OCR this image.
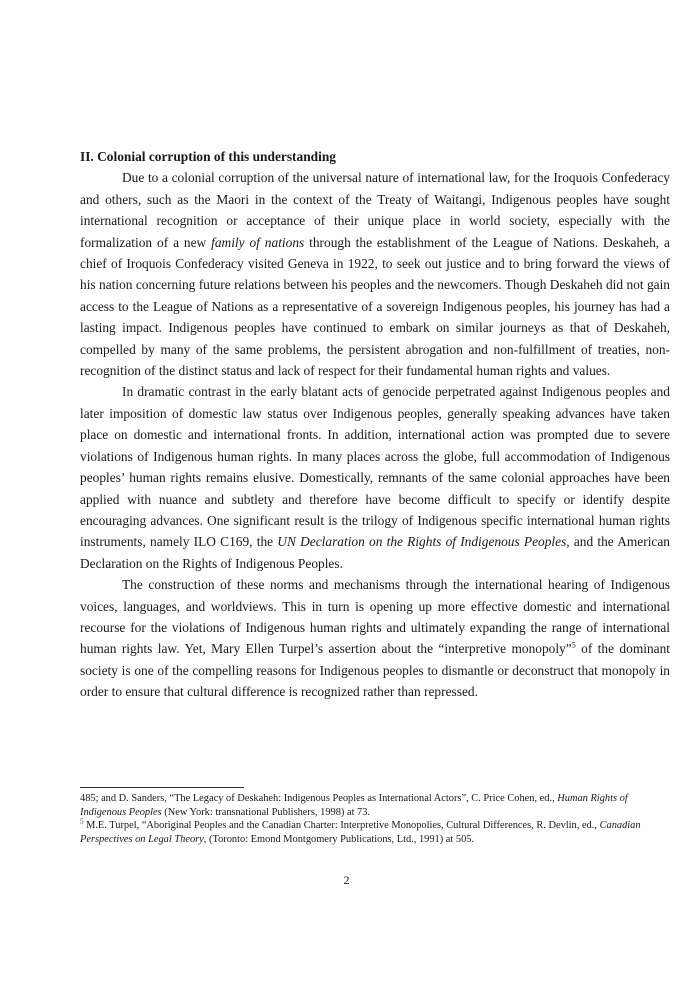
II. Colonial corruption of this understanding

Due to a colonial corruption of the universal nature of international law, for the Iroquois Confederacy and others, such as the Maori in the context of the Treaty of Waitangi, Indigenous peoples have sought international recognition or acceptance of their unique place in world society, especially with the formalization of a new family of nations through the establishment of the League of Nations. Deskaheh, a chief of Iroquois Confederacy visited Geneva in 1922, to seek out justice and to bring forward the views of his nation concerning future relations between his peoples and the newcomers. Though Deskaheh did not gain access to the League of Nations as a representative of a sovereign Indigenous peoples, his journey has had a lasting impact. Indigenous peoples have continued to embark on similar journeys as that of Deskaheh, compelled by many of the same problems, the persistent abrogation and non-fulfillment of treaties, non-recognition of the distinct status and lack of respect for their fundamental human rights and values.

In dramatic contrast in the early blatant acts of genocide perpetrated against Indigenous peoples and later imposition of domestic law status over Indigenous peoples, generally speaking advances have taken place on domestic and international fronts. In addition, international action was prompted due to severe violations of Indigenous human rights. In many places across the globe, full accommodation of Indigenous peoples’ human rights remains elusive. Domestically, remnants of the same colonial approaches have been applied with nuance and subtlety and therefore have become difficult to specify or identify despite encouraging advances. One significant result is the trilogy of Indigenous specific international human rights instruments, namely ILO C169, the UN Declaration on the Rights of Indigenous Peoples, and the American Declaration on the Rights of Indigenous Peoples.

The construction of these norms and mechanisms through the international hearing of Indigenous voices, languages, and worldviews. This in turn is opening up more effective domestic and international recourse for the violations of Indigenous human rights and ultimately expanding the range of international human rights law. Yet, Mary Ellen Turpel’s assertion about the “interpretive monopoly”$^5$ of the dominant society is one of the compelling reasons for Indigenous peoples to dismantle or deconstruct that monopoly in order to ensure that cultural difference is recognized rather than repressed.

485; and D. Sanders, “The Legacy of Deskaheh: Indigenous Peoples as International Actors”, C. Price Cohen, ed., Human Rights of Indigenous Peoples (New York: transnational Publishers, 1998) at 73.

$^5$ M.E. Turpel, “Aboriginal Peoples and the Canadian Charter: Interpretive Monopolies, Cultural Differences, R. Devlin, ed., Canadian Perspectives on Legal Theory, (Toronto: Emond Montgomery Publications, Ltd., 1991) at 505.

2
